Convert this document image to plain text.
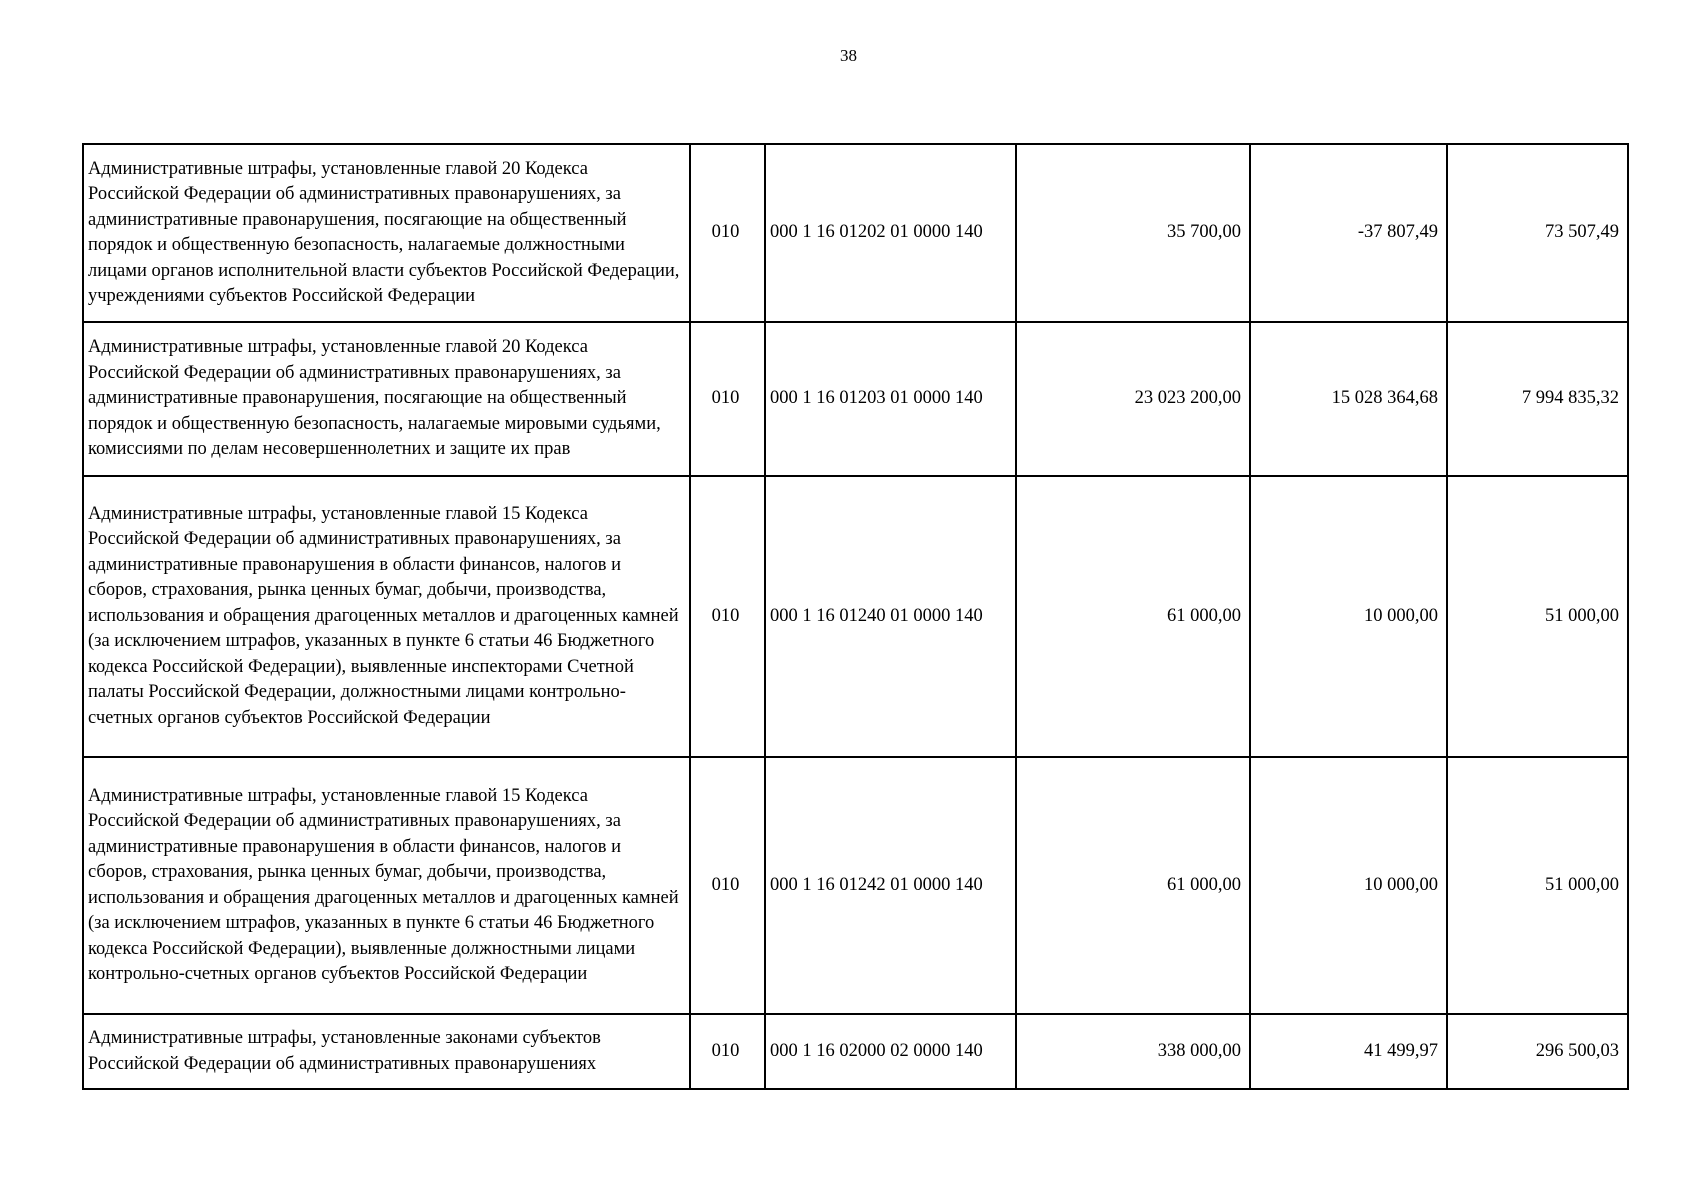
38
Административные штрафы, установленные главой 20 Кодекса Российской Федерации об административных правонарушениях, за административные правонарушения, посягающие на общественный порядок и общественную безопасность, налагаемые должностными лицами органов исполнительной власти субъектов Российской Федерации, учреждениями субъектов Российской Федерации	010	000 1 16 01202 01 0000 140	35 700,00	-37 807,49	73 507,49
Административные штрафы, установленные главой 20 Кодекса Российской Федерации об административных правонарушениях, за административные правонарушения, посягающие на общественный порядок и общественную безопасность, налагаемые мировыми судьями, комиссиями по делам несовершеннолетних и защите их прав	010	000 1 16 01203 01 0000 140	23 023 200,00	15 028 364,68	7 994 835,32
Административные штрафы, установленные главой 15 Кодекса Российской Федерации об административных правонарушениях, за административные правонарушения в области финансов, налогов и сборов, страхования, рынка ценных бумаг, добычи, производства, использования и обращения драгоценных металлов и драгоценных камней (за исключением штрафов, указанных в пункте 6 статьи 46 Бюджетного кодекса Российской Федерации), выявленные инспекторами Счетной палаты Российской Федерации, должностными лицами контрольно-счетных органов субъектов Российской Федерации	010	000 1 16 01240 01 0000 140	61 000,00	10 000,00	51 000,00
Административные штрафы, установленные главой 15 Кодекса Российской Федерации об административных правонарушениях, за административные правонарушения в области финансов, налогов и сборов, страхования, рынка ценных бумаг, добычи, производства, использования и обращения драгоценных металлов и драгоценных камней (за исключением штрафов, указанных в пункте 6 статьи 46 Бюджетного кодекса Российской Федерации), выявленные должностными лицами контрольно-счетных органов субъектов Российской Федерации	010	000 1 16 01242 01 0000 140	61 000,00	10 000,00	51 000,00
Административные штрафы, установленные законами субъектов Российской Федерации об административных правонарушениях	010	000 1 16 02000 02 0000 140	338 000,00	41 499,97	296 500,03
